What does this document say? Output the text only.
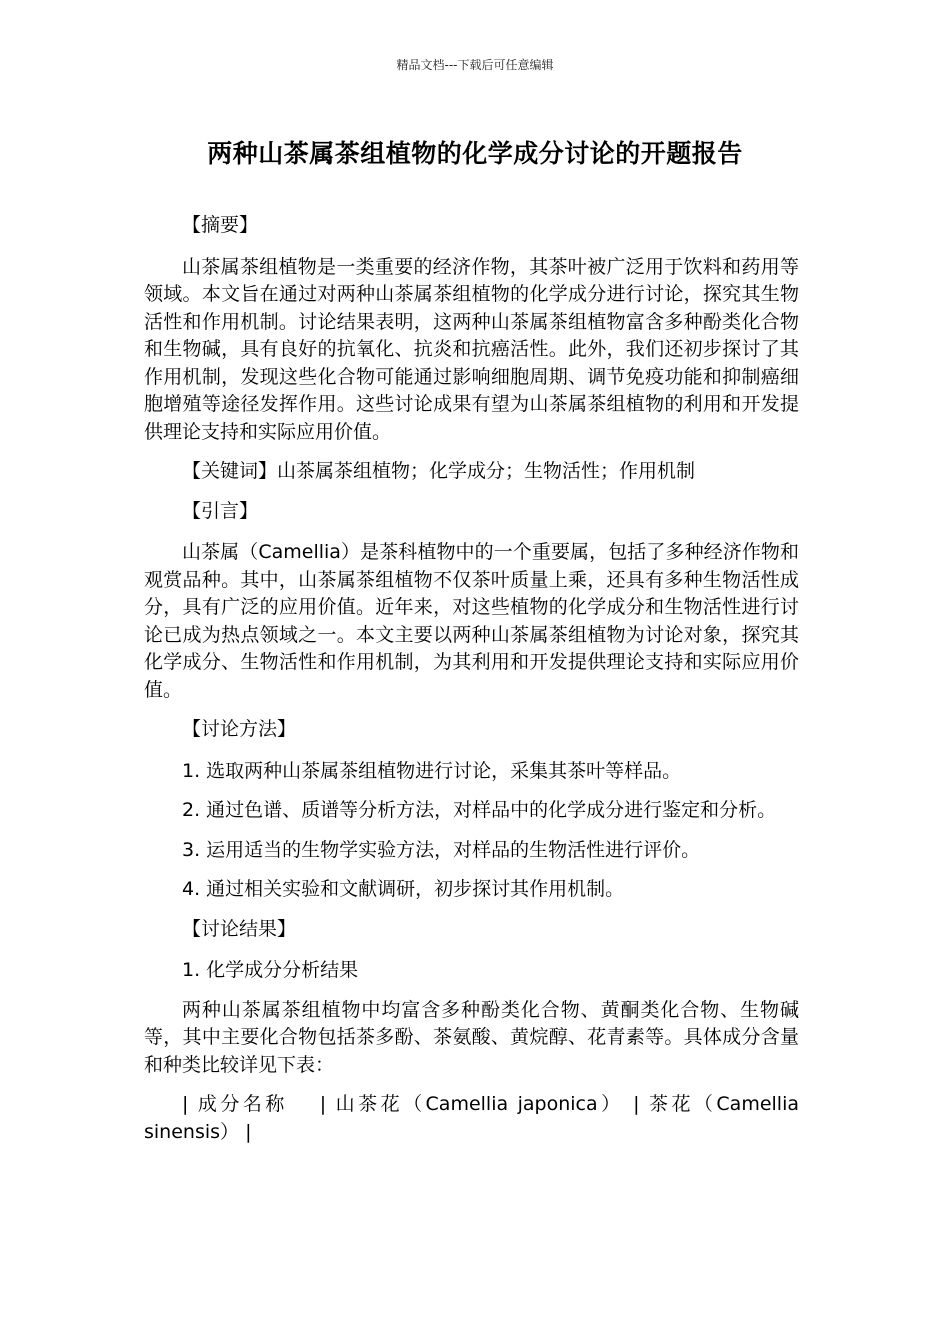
精品文档---下载后可任意编辑
两种山茶属茶组植物的化学成分讨论的开题报告

【摘要】

山茶属茶组植物是一类重要的经济作物，其茶叶被广泛用于饮料和药用等领域。本文旨在通过对两种山茶属茶组植物的化学成分进行讨论，探究其生物活性和作用机制。讨论结果表明，这两种山茶属茶组植物富含多种酚类化合物和生物碱，具有良好的抗氧化、抗炎和抗癌活性。此外，我们还初步探讨了其作用机制，发现这些化合物可能通过影响细胞周期、调节免疫功能和抑制癌细胞增殖等途径发挥作用。这些讨论成果有望为山茶属茶组植物的利用和开发提供理论支持和实际应用价值。

【关键词】山茶属茶组植物；化学成分；生物活性；作用机制

【引言】

山茶属（Camellia）是茶科植物中的一个重要属，包括了多种经济作物和观赏品种。其中，山茶属茶组植物不仅茶叶质量上乘，还具有多种生物活性成分，具有广泛的应用价值。近年来，对这些植物的化学成分和生物活性进行讨论已成为热点领域之一。本文主要以两种山茶属茶组植物为讨论对象，探究其化学成分、生物活性和作用机制，为其利用和开发提供理论支持和实际应用价值。

【讨论方法】

1. 选取两种山茶属茶组植物进行讨论，采集其茶叶等样品。

2. 通过色谱、质谱等分析方法，对样品中的化学成分进行鉴定和分析。

3. 运用适当的生物学实验方法，对样品的生物活性进行评价。

4. 通过相关实验和文献调研，初步探讨其作用机制。

【讨论结果】

1. 化学成分分析结果

两种山茶属茶组植物中均富含多种酚类化合物、黄酮类化合物、生物碱等，其中主要化合物包括茶多酚、茶氨酸、黄烷醇、花青素等。具体成分含量和种类比较详见下表：

| 成分名称　 | 山茶花（Camellia japonica） | 茶花（Camellia sinensis） |
